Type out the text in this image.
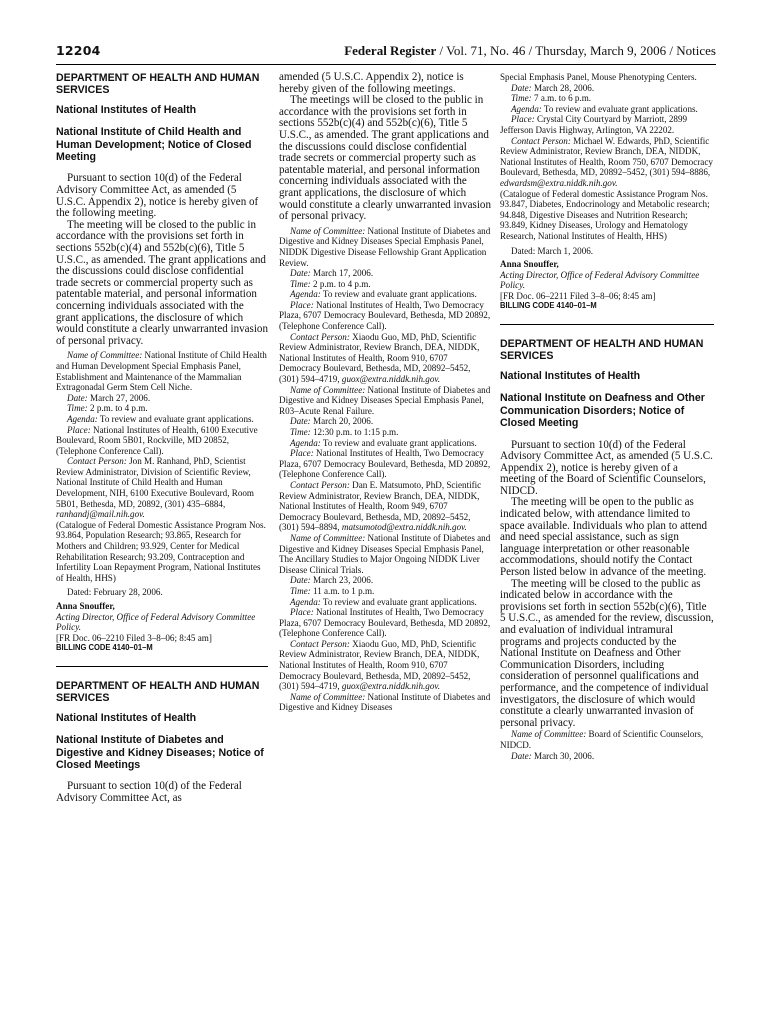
12204	Federal Register / Vol. 71, No. 46 / Thursday, March 9, 2006 / Notices
DEPARTMENT OF HEALTH AND HUMAN SERVICES
National Institutes of Health
National Institute of Child Health and Human Development; Notice of Closed Meeting

Pursuant to section 10(d) of the Federal Advisory Committee Act, as amended (5 U.S.C. Appendix 2), notice is hereby given of the following meeting.

The meeting will be closed to the public in accordance with the provisions set forth in sections 552b(c)(4) and 552b(c)(6), Title 5 U.S.C., as amended. The grant applications and the discussions could disclose confidential trade secrets or commercial property such as patentable material, and personal information concerning individuals associated with the grant applications, the disclosure of which would constitute a clearly unwarranted invasion of personal privacy.

Name of Committee: National Institute of Child Health and Human Development Special Emphasis Panel, Establishment and Maintenance of the Mammalian Extragonadal Germ Stem Cell Niche.

Date: March 27, 2006.

Time: 2 p.m. to 4 p.m.

Agenda: To review and evaluate grant applications.

Place: National Institutes of Health, 6100 Executive Boulevard, Room 5B01, Rockville, MD 20852, (Telephone Conference Call).

Contact Person: Jon M. Ranhand, PhD, Scientist Review Administrator, Division of Scientific Review, National Institute of Child Health and Human Development, NIH, 6100 Executive Boulevard, Room 5B01, Bethesda, MD, 20892, (301) 435–6884, ranhandj@mail.nih.gov.

(Catalogue of Federal Domestic Assistance Program Nos. 93.864, Population Research; 93.865, Research for Mothers and Children; 93.929, Center for Medical Rehabilitation Research; 93.209, Contraception and Infertility Loan Repayment Program, National Institutes of Health, HHS)

Dated: February 28, 2006.

Anna Snouffer,

Acting Director, Office of Federal Advisory Committee Policy.

[FR Doc. 06–2210 Filed 3–8–06; 8:45 am]

BILLING CODE 4140–01–M

DEPARTMENT OF HEALTH AND HUMAN SERVICES
National Institutes of Health
National Institute of Diabetes and Digestive and Kidney Diseases; Notice of Closed Meetings

Pursuant to section 10(d) of the Federal Advisory Committee Act, as

amended (5 U.S.C. Appendix 2), notice is hereby given of the following meetings.

The meetings will be closed to the public in accordance with the provisions set forth in sections 552b(c)(4) and 552b(c)(6), Title 5 U.S.C., as amended. The grant applications and the discussions could disclose confidential trade secrets or commercial property such as patentable material, and personal information concerning individuals associated with the grant applications, the disclosure of which would constitute a clearly unwarranted invasion of personal privacy.

Name of Committee: National Institute of Diabetes and Digestive and Kidney Diseases Special Emphasis Panel, NIDDK Digestive Disease Fellowship Grant Application Review.

Date: March 17, 2006.

Time: 2 p.m. to 4 p.m.

Agenda: To review and evaluate grant applications.

Place: National Institutes of Health, Two Democracy Plaza, 6707 Democracy Boulevard, Bethesda, MD 20892, (Telephone Conference Call).

Contact Person: Xiaodu Guo, MD, PhD, Scientific Review Administrator, Review Branch, DEA, NIDDK, National Institutes of Health, Room 910, 6707 Democracy Boulevard, Bethesda, MD, 20892–5452, (301) 594–4719, guox@extra.niddk.nih.gov.

Name of Committee: National Institute of Diabetes and Digestive and Kidney Diseases Special Emphasis Panel, R03–Acute Renal Failure.

Date: March 20, 2006.

Time: 12:30 p.m. to 1:15 p.m.

Agenda: To review and evaluate grant applications.

Place: National Institutes of Health, Two Democracy Plaza, 6707 Democracy Boulevard, Bethesda, MD 20892, (Telephone Conference Call).

Contact Person: Dan E. Matsumoto, PhD, Scientific Review Administrator, Review Branch, DEA, NIDDK, National Institutes of Health, Room 949, 6707 Democracy Boulevard, Bethesda, MD, 20892–5452, (301) 594–8894, matsumotod@extra.niddk.nih.gov.

Name of Committee: National Institute of Diabetes and Digestive and Kidney Diseases Special Emphasis Panel, The Ancillary Studies to Major Ongoing NIDDK Liver Disease Clinical Trials.

Date: March 23, 2006.

Time: 11 a.m. to 1 p.m.

Agenda: To review and evaluate grant applications.

Place: National Institutes of Health, Two Democracy Plaza, 6707 Democracy Boulevard, Bethesda, MD 20892, (Telephone Conference Call).

Contact Person: Xiaodu Guo, MD, PhD, Scientific Review Administrator, Review Branch, DEA, NIDDK, National Institutes of Health, Room 910, 6707 Democracy Boulevard, Bethesda, MD, 20892–5452, (301) 594–4719, guox@extra.niddk.nih.gov.

Name of Committee: National Institute of Diabetes and Digestive and Kidney Diseases

Special Emphasis Panel, Mouse Phenotyping Centers.

Date: March 28, 2006.

Time: 7 a.m. to 6 p.m.

Agenda: To review and evaluate grant applications.

Place: Crystal City Courtyard by Marriott, 2899 Jefferson Davis Highway, Arlington, VA 22202.

Contact Person: Michael W. Edwards, PhD, Scientific Review Administrator, Review Branch, DEA, NIDDK, National Institutes of Health, Room 750, 6707 Democracy Boulevard, Bethesda, MD, 20892–5452, (301) 594–8886, edwardsm@extra.niddk.nih.gov.

(Catalogue of Federal domestic Assistance Program Nos. 93.847, Diabetes, Endocrinology and Metabolic research; 94.848, Digestive Diseases and Nutrition Research; 93.849, Kidney Diseases, Urology and Hematology Research, National Institutes of Health, HHS)

Dated: March 1, 2006.

Anna Snouffer,

Acting Director, Office of Federal Advisory Committee Policy.

[FR Doc. 06–2211 Filed 3–8–06; 8:45 am]

BILLING CODE 4140–01–M

DEPARTMENT OF HEALTH AND HUMAN SERVICES
National Institutes of Health
National Institute on Deafness and Other Communication Disorders; Notice of Closed Meeting

Pursuant to section 10(d) of the Federal Advisory Committee Act, as amended (5 U.S.C. Appendix 2), notice is hereby given of a meeting of the Board of Scientific Counselors, NIDCD.

The meeting will be open to the public as indicated below, with attendance limited to space available. Individuals who plan to attend and need special assistance, such as sign language interpretation or other reasonable accommodations, should notify the Contact Person listed below in advance of the meeting.

The meeting will be closed to the public as indicated below in accordance with the provisions set forth in section 552b(c)(6), Title 5 U.S.C., as amended for the review, discussion, and evaluation of individual intramural programs and projects conducted by the National Institute on Deafness and Other Communication Disorders, including consideration of personnel qualifications and performance, and the competence of individual investigators, the disclosure of which would constitute a clearly unwarranted invasion of personal privacy.

Name of Committee: Board of Scientific Counselors, NIDCD.

Date: March 30, 2006.
